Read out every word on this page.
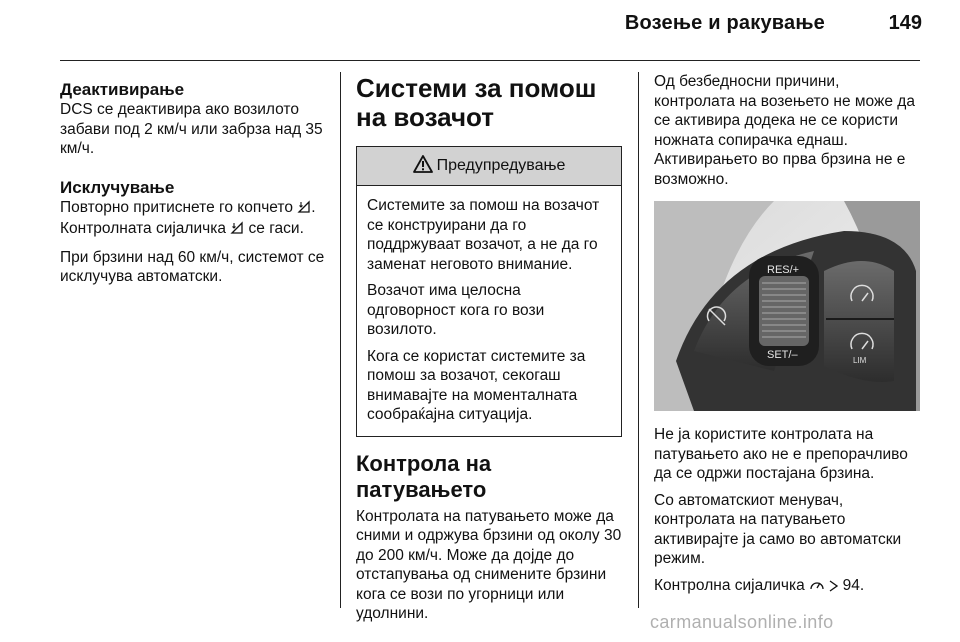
Возење и ракување	149
Деактивирање

DCS се деактивира ако возилото забави под 2 км/ч или забрза над 35 км/ч.

Исклучување

Повторно притиснете го копчето . Контролната сијаличка  се гаси.

При брзини над 60 км/ч, системот се исклучува автоматски.

Системи за помош на возачот
Предупредување

Системите за помош на возачот се конструирани да го поддржуваат возачот, а не да го заменат неговото внимание.

Возачот има целосна одговорност кога го вози возилото.

Кога се користат системите за помош за возачот, секогаш внимавајте на моменталната сообраќајна ситуација.

Контрола на патувањето

Контролата на патувањето може да сними и одржува брзини од околу 30 до 200 км/ч. Може да дојде до отстапувања од снимените брзини кога се вози по угорници или удолнини.

Од безбедносни причини, контролата на возењето не може да се активира додека не се користи ножната сопирачка еднаш. Активирањето во прва брзина не е возможно.

RES/+
SET/–	LIM

Не ја користите контролата на патувањето ако не е препорачливо да се одржи постајана брзина.

Со автоматскиот менувач, контролата на патувањето активирајте ја само во автоматски режим.

Контролна сијаличка   94.

carmanualsonline.info
